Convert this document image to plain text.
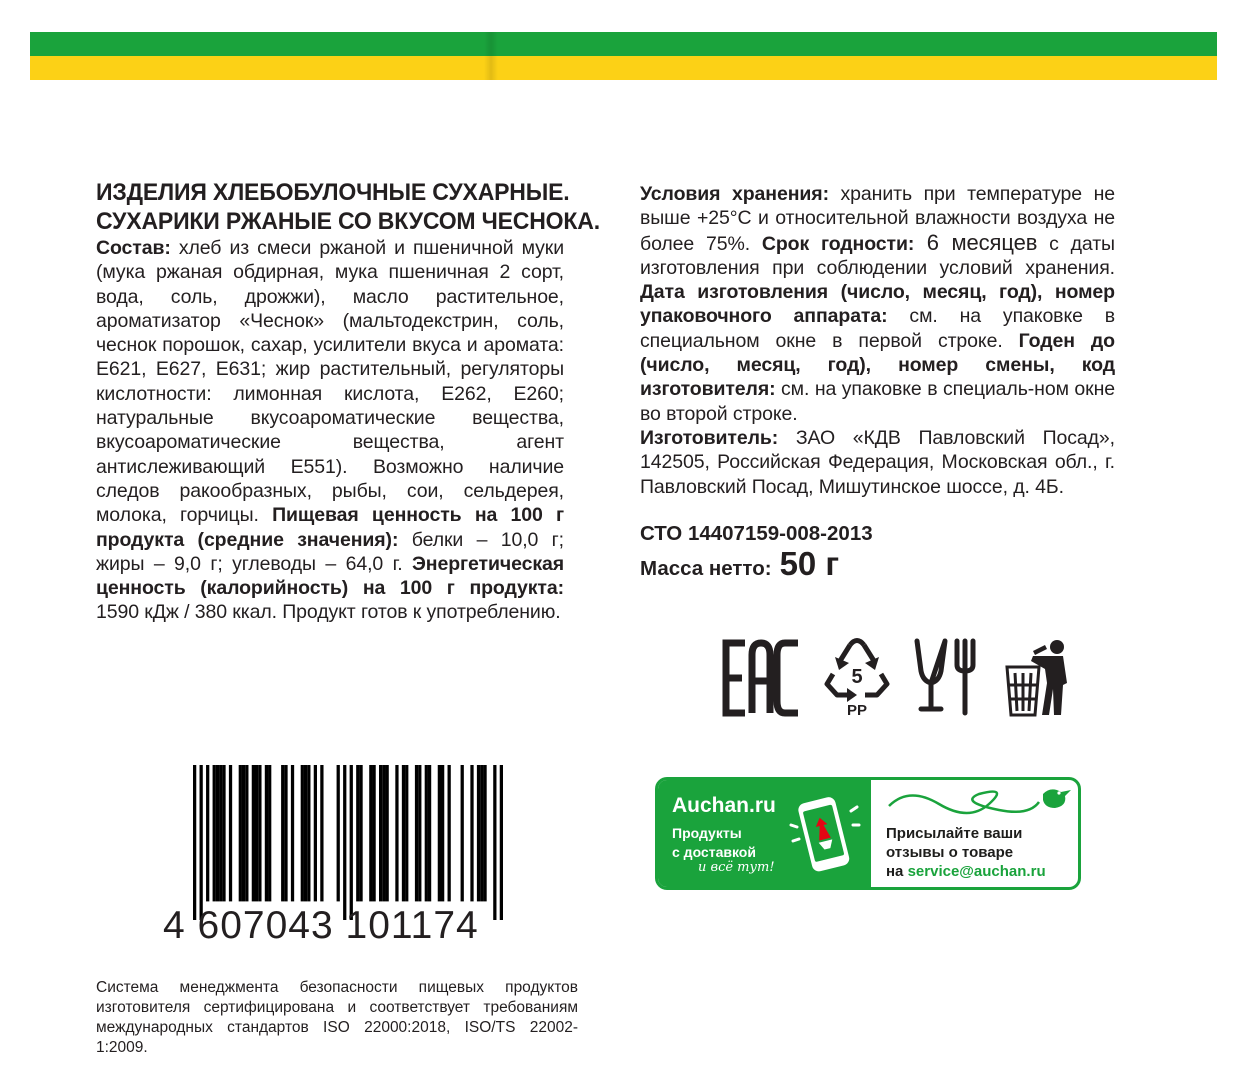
ИЗДЕЛИЯ ХЛЕБОБУЛОЧНЫЕ СУХАРНЫЕ.
СУХАРИКИ РЖАНЫЕ СО ВКУСОМ ЧЕСНОКА.

Состав: хлеб из смеси ржаной и пшеничной муки (мука ржаная обдирная, мука пшеничная 2 сорт, вода, соль, дрожжи), масло растительное, ароматизатор «Чеснок» (мальтодекстрин, соль, чеснок порошок, сахар, усилители вкуса и аромата: Е621, Е627, Е631; жир растительный, регуляторы кислотности: лимонная кислота, Е262, Е260; натуральные вкусоароматические вещества, вкусоароматические вещества, агент антислеживающий Е551). Возможно наличие следов ракообразных, рыбы, сои, сельдерея, молока, горчицы. Пищевая ценность на 100 г продукта (средние значения): белки – 10,0 г; жиры – 9,0 г; углеводы – 64,0 г. Энергетическая ценность (калорийность) на 100 г продукта: 1590 кДж / 380 ккал. Продукт готов к употреблению.

Условия хранения: хранить при температуре не выше +25°С и относительной влажности воздуха не более 75%. Срок годности: 6 месяцев с даты изготовления при соблюдении условий хранения. Дата изготовления (число, месяц, год), номер упаковочного аппарата: см. на упаковке в специальном окне в первой строке. Годен до (число, месяц, год), номер смены, код изготовителя: см. на упаковке в специаль-ном окне во второй строке.

Изготовитель: ЗАО «КДВ Павловский Посад», 142505, Российская Федерация, Московская обл., г. Павловский Посад, Мишутинское шоссе, д. 4Б.

СТО 14407159-008-2013
Масса нетто: 50 г
5
PP
4 607043 101174
Система менеджмента безопасности пищевых продуктов изготовителя сертифицирована и соответствует требованиям международных стандартов ISO 22000:2018, ISO/TS 22002-1:2009.
Auchan.ru
Продукты
с доставкой
и всё тут!
Присылайте ваши
отзывы о товаре
на service@auchan.ru
